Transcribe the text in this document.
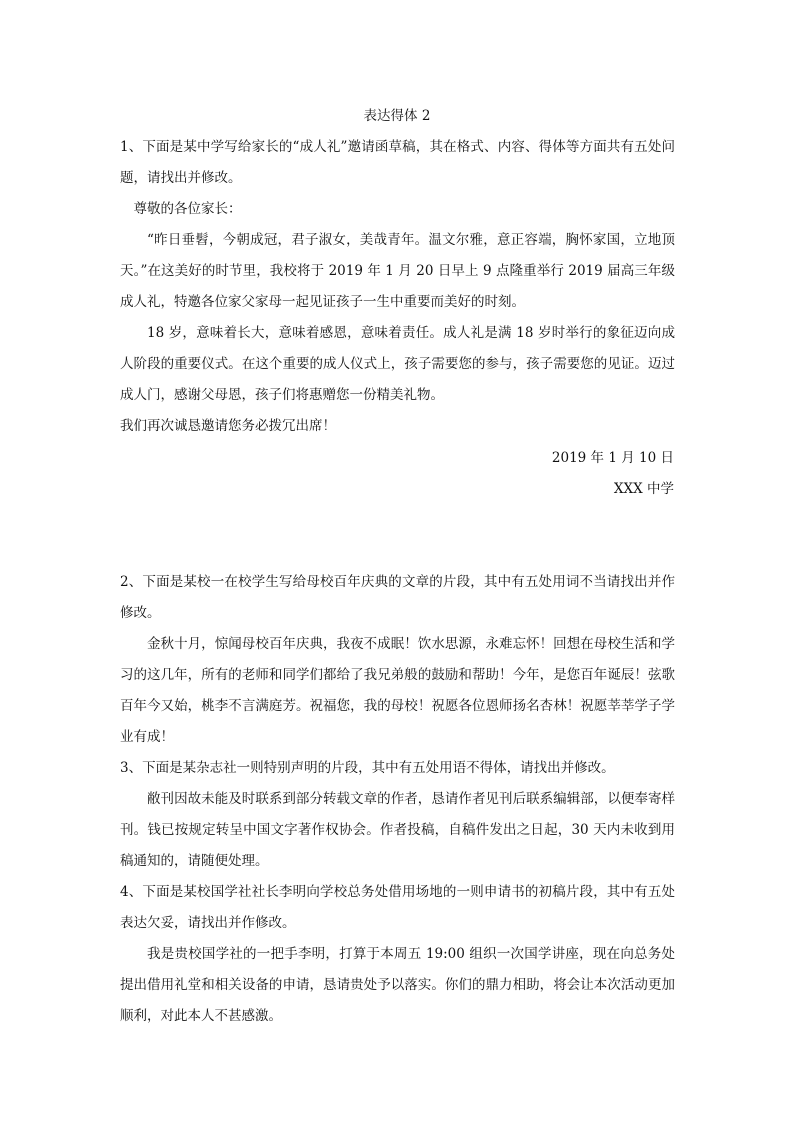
表达得体 2

1、下面是某中学写给家长的“成人礼”邀请函草稿，其在格式、内容、得体等方面共有五处问题，请找出并修改。

尊敬的各位家长：

“昨日垂髫，今朝成冠，君子淑女，美哉青年。温文尔雅，意正容端，胸怀家国，立地顶天。”在这美好的时节里，我校将于 2019 年 1 月 20 日早上 9 点隆重举行 2019 届高三年级成人礼，特邀各位家父家母一起见证孩子一生中重要而美好的时刻。

18 岁，意味着长大，意味着感恩，意味着责任。成人礼是满 18 岁时举行的象征迈向成人阶段的重要仪式。在这个重要的成人仪式上，孩子需要您的参与，孩子需要您的见证。迈过成人门，感谢父母恩，孩子们将惠赠您一份精美礼物。

我们再次诚恳邀请您务必拨冗出席！

2019 年 1 月 10 日
XXX 中学

2、下面是某校一在校学生写给母校百年庆典的文章的片段，其中有五处用词不当请找出并作修改。

金秋十月，惊闻母校百年庆典，我夜不成眠！饮水思源，永难忘怀！回想在母校生活和学习的这几年，所有的老师和同学们都给了我兄弟般的鼓励和帮助！今年，是您百年诞辰！弦歌百年今又始，桃李不言满庭芳。祝福您，我的母校！祝愿各位恩师扬名杏林！祝愿莘莘学子学业有成！

3、下面是某杂志社一则特别声明的片段，其中有五处用语不得体，请找出并修改。

敝刊因故未能及时联系到部分转载文章的作者，恳请作者见刊后联系编辑部，以便奉寄样刊。钱已按规定转呈中国文字著作权协会。作者投稿，自稿件发出之日起，30 天内未收到用稿通知的，请随便处理。

4、下面是某校国学社社长李明向学校总务处借用场地的一则申请书的初稿片段，其中有五处表达欠妥，请找出并作修改。

我是贵校国学社的一把手李明，打算于本周五 19:00 组织一次国学讲座，现在向总务处提出借用礼堂和相关设备的申请，恳请贵处予以落实。你们的鼎力相助，将会让本次活动更加顺利，对此本人不甚感激。
